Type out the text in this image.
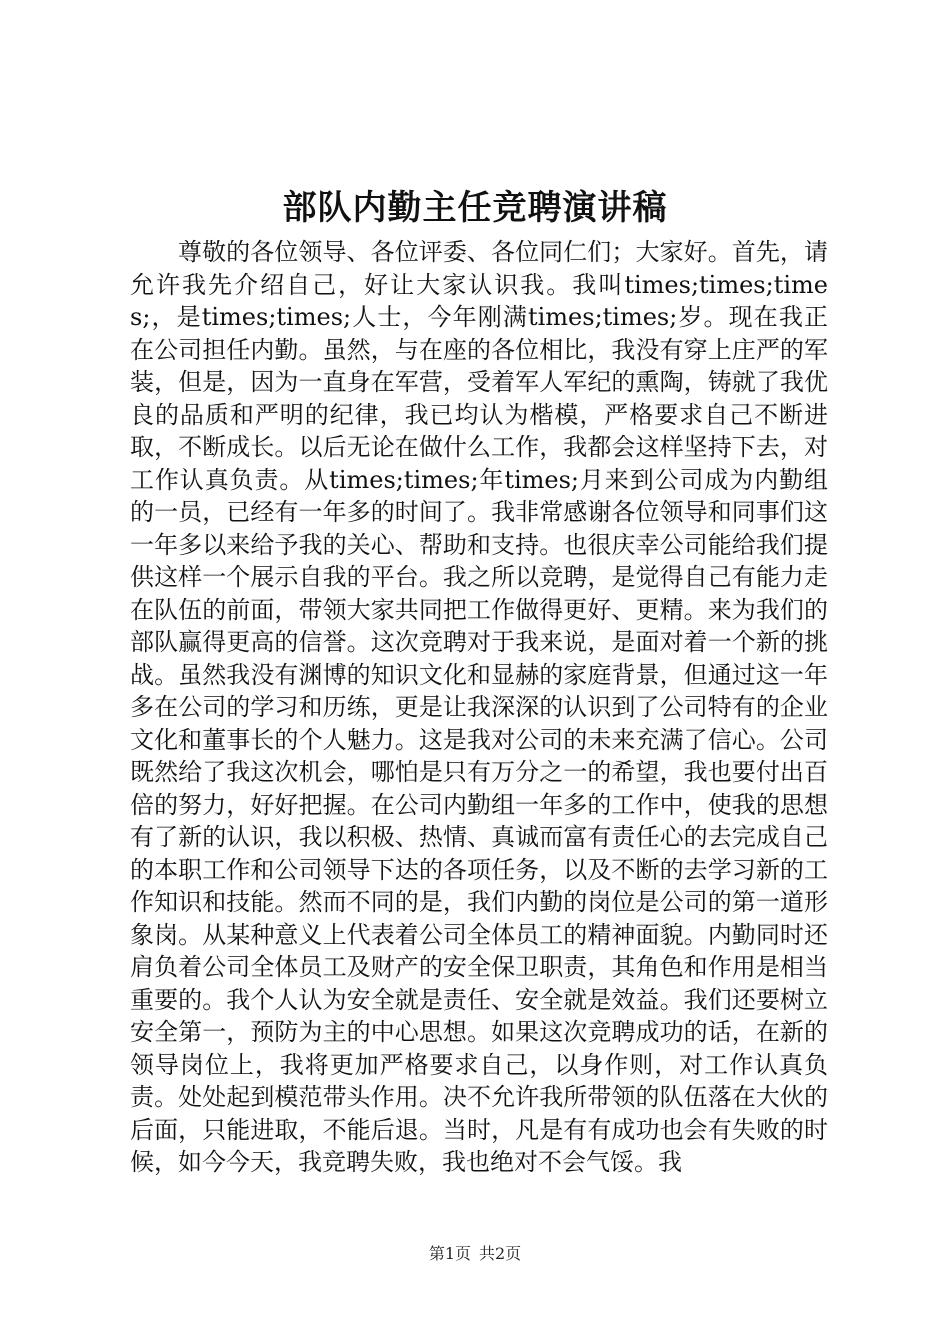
部队内勤主任竞聘演讲稿

尊敬的各位领导、各位评委、各位同仁们；大家好。首先，请允许我先介绍自己，好让大家认识我。我叫times;times;times;，是times;times;人士，今年刚满times;times;岁。现在我正在公司担任内勤。虽然，与在座的各位相比，我没有穿上庄严的军装，但是，因为一直身在军营，受着军人军纪的熏陶，铸就了我优良的品质和严明的纪律，我已均认为楷模，严格要求自己不断进取，不断成长。以后无论在做什么工作，我都会这样坚持下去，对工作认真负责。从times;times;年times;月来到公司成为内勤组的一员，已经有一年多的时间了。我非常感谢各位领导和同事们这一年多以来给予我的关心、帮助和支持。也很庆幸公司能给我们提供这样一个展示自我的平台。我之所以竞聘，是觉得自己有能力走在队伍的前面，带领大家共同把工作做得更好、更精。来为我们的部队赢得更高的信誉。这次竞聘对于我来说，是面对着一个新的挑战。虽然我没有渊博的知识文化和显赫的家庭背景，但通过这一年多在公司的学习和历练，更是让我深深的认识到了公司特有的企业文化和董事长的个人魅力。这是我对公司的未来充满了信心。公司既然给了我这次机会，哪怕是只有万分之一的希望，我也要付出百倍的努力，好好把握。在公司内勤组一年多的工作中，使我的思想有了新的认识，我以积极、热情、真诚而富有责任心的去完成自己的本职工作和公司领导下达的各项任务，以及不断的去学习新的工作知识和技能。然而不同的是，我们内勤的岗位是公司的第一道形象岗。从某种意义上代表着公司全体员工的精神面貌。内勤同时还肩负着公司全体员工及财产的安全保卫职责，其角色和作用是相当重要的。我个人认为安全就是责任、安全就是效益。我们还要树立安全第一，预防为主的中心思想。如果这次竞聘成功的话，在新的领导岗位上，我将更加严格要求自己，以身作则，对工作认真负责。处处起到模范带头作用。决不允许我所带领的队伍落在大伙的后面，只能进取，不能后退。当时，凡是有有成功也会有失败的时候，如今今天，我竞聘失败，我也绝对不会气馁。我

第1页 共2页
